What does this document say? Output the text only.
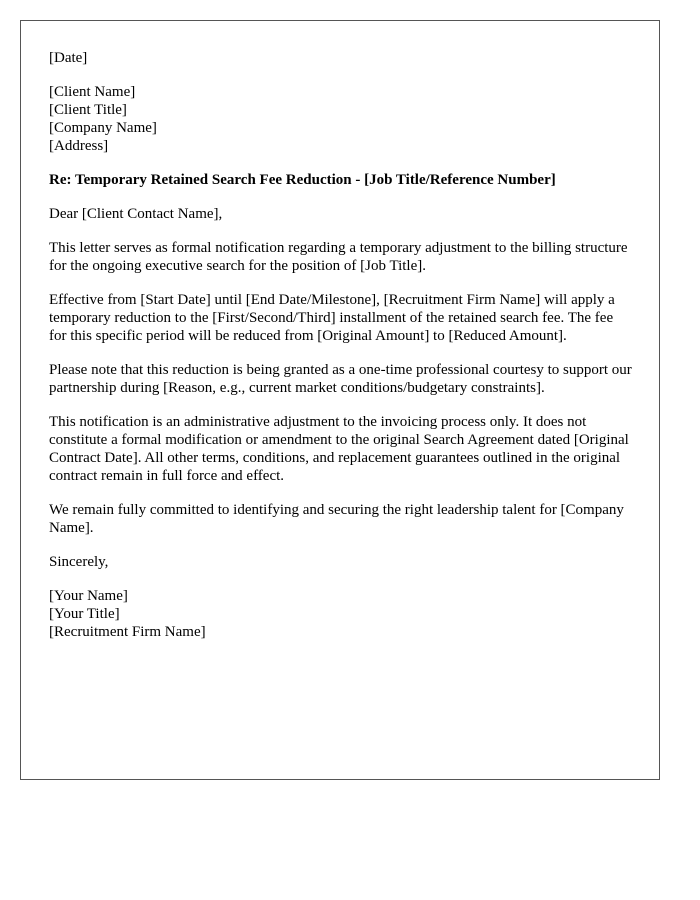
[Date]
[Client Name]
[Client Title]
[Company Name]
[Address]

Re: Temporary Retained Search Fee Reduction - [Job Title/Reference Number]

Dear [Client Contact Name],

This letter serves as formal notification regarding a temporary adjustment to the billing structure for the ongoing executive search for the position of [Job Title].

Effective from [Start Date] until [End Date/Milestone], [Recruitment Firm Name] will apply a temporary reduction to the [First/Second/Third] installment of the retained search fee. The fee for this specific period will be reduced from [Original Amount] to [Reduced Amount].

Please note that this reduction is being granted as a one-time professional courtesy to support our partnership during [Reason, e.g., current market conditions/budgetary constraints].

This notification is an administrative adjustment to the invoicing process only. It does not constitute a formal modification or amendment to the original Search Agreement dated [Original Contract Date]. All other terms, conditions, and replacement guarantees outlined in the original contract remain in full force and effect.

We remain fully committed to identifying and securing the right leadership talent for [Company Name].

Sincerely,

[Your Name]
[Your Title]
[Recruitment Firm Name]
